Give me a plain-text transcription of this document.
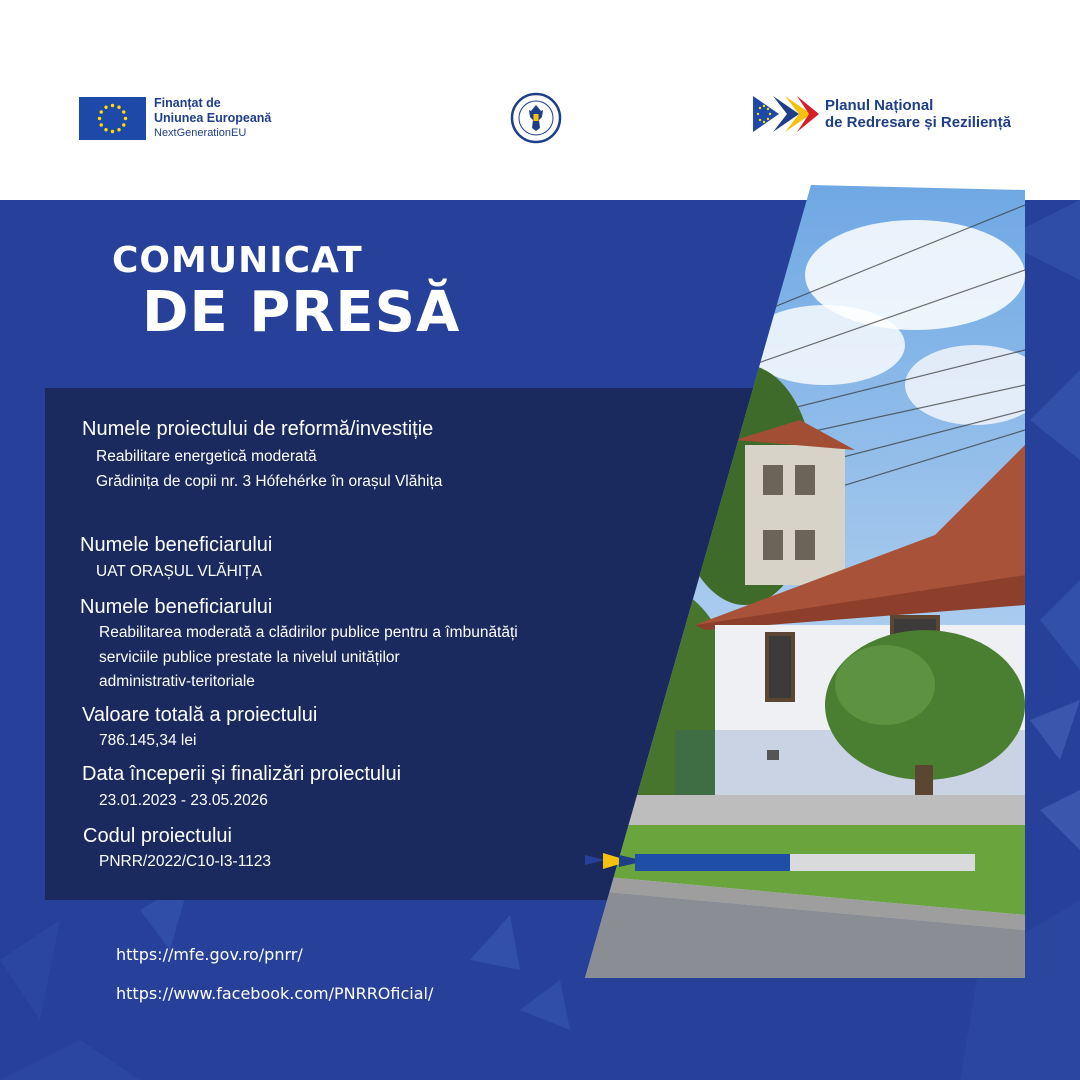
Finanțat de
Uniunea Europeană
NextGenerationEU
Planul Național
de Redresare și Reziliență
COMUNICAT
DE PRESĂ
Numele proiectului de reformă/investiție
Reabilitare energetică moderată
Grădinița de copii nr. 3 Hófehérke în orașul Vlăhița
Numele beneficiarului
UAT ORAȘUL VLĂHIȚA
Numele beneficiarului
Reabilitarea moderată a clădirilor publice pentru a îmbunătăți
serviciile publice prestate la nivelul unităților
administrativ-teritoriale
Valoare totală a proiectului
786.145,34 lei
Data începerii și finalizări proiectului
23.01.2023 - 23.05.2026
Codul proiectului
PNRR/2022/C10-I3-1123
https://mfe.gov.ro/pnrr/
https://www.facebook.com/PNRROficial/
